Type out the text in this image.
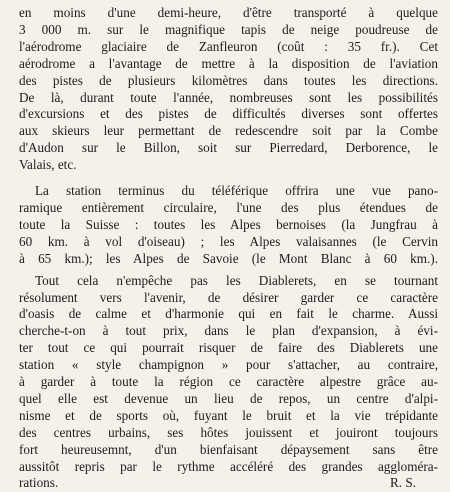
en moins d'une demi-heure, d'être transporté à quelque
3 000 m. sur le magnifique tapis de neige poudreuse de
l'aérodrome glaciaire de Zanfleuron (coût : 35 fr.). Cet
aérodrome a l'avantage de mettre à la disposition de l'aviation
des pistes de plusieurs kilomètres dans toutes les directions.
De là, durant toute l'année, nombreuses sont les possibilités
d'excursions et des pistes de difficultés diverses sont offertes
aux skieurs leur permettant de redescendre soit par la Combe
d'Audon sur le Billon, soit sur Pierredard, Derborence, le
Valais, etc.

La station terminus du téléférique offrira une vue pano-
ramique entièrement circulaire, l'une des plus étendues de
toute la Suisse : toutes les Alpes bernoises (la Jungfrau à
60 km. à vol d'oiseau) ; les Alpes valaisannes (le Cervin
à 65 km.); les Alpes de Savoie (le Mont Blanc à 60 km.).

Tout cela n'empêche pas les Diablerets, en se tournant
résolument vers l'avenir, de désirer garder ce caractère
d'oasis de calme et d'harmonie qui en fait le charme. Aussi
cherche-t-on à tout prix, dans le plan d'expansion, à évi-
ter tout ce qui pourrait risquer de faire des Diablerets une
station « style champignon » pour s'attacher, au contraire,
à garder à toute la région ce caractère alpestre grâce au-
quel elle est devenue un lieu de repos, un centre d'alpi-
nisme et de sports où, fuyant le bruit et la vie trépidante
des centres urbains, ses hôtes jouissent et jouiront toujours
fort heureusemnt, d'un bienfaisant dépaysement sans être
aussitôt repris par le rythme accéléré des grandes aggloméra-
rations.	R. S.
